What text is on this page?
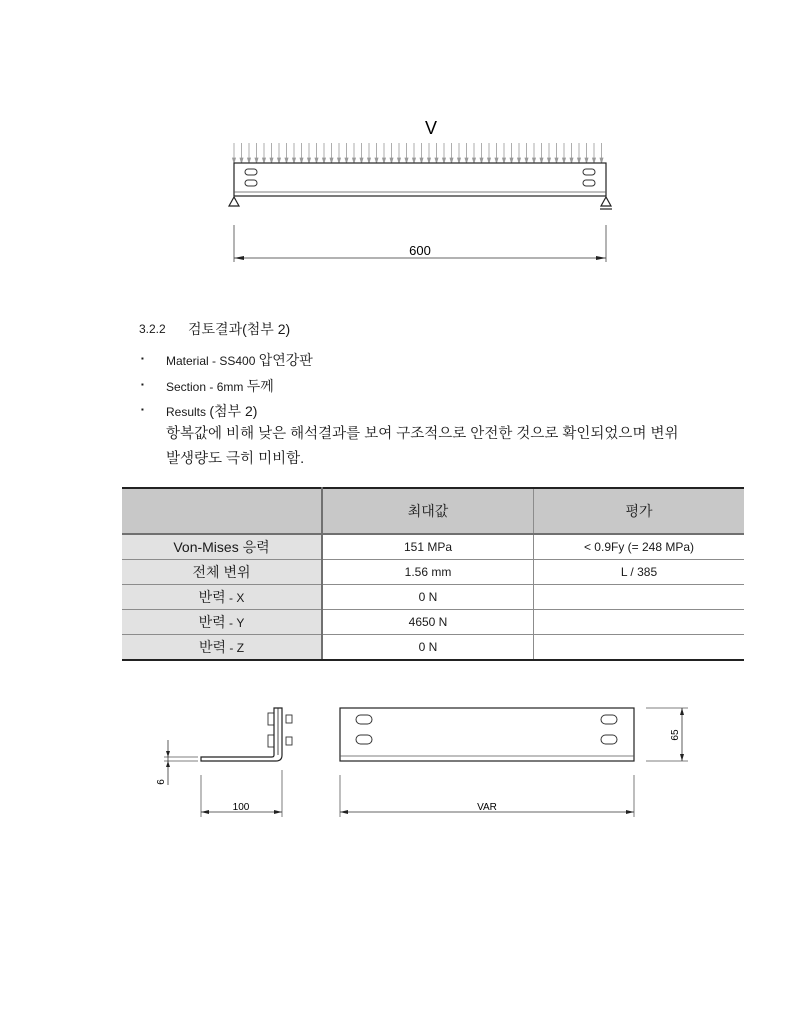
V
600
3.2.2 검토결과(첨부 2)
▪ Material - SS400 압연강판
▪ Section - 6mm 두께
▪ Results (첨부 2)
항복값에 비해 낮은 해석결과를 보여 구조적으로 안전한 것으로 확인되었으며 변위
발생량도 극히 미비함.
	최대값	평가
Von-Mises 응력	151 MPa	< 0.9Fy (= 248 MPa)
전체 변위	1.56 mm	L / 385
반력 - X	0 N	
반력 - Y	4650 N	
반력 - Z	0 N	
6
100
65
VAR
